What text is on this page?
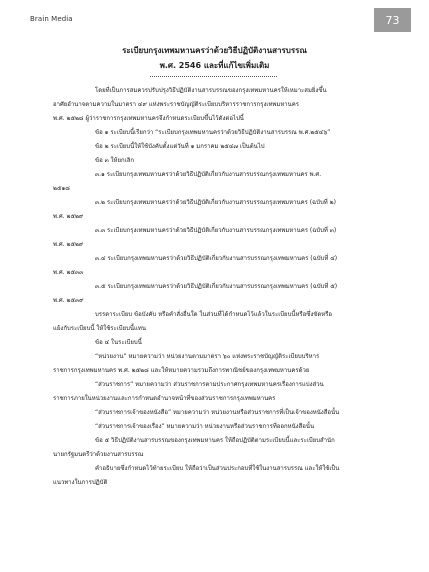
Brain Media	73
ระเบียบกรุงเทพมหานครว่าด้วยวิธีปฏิบัติงานสารบรรณ
พ.ศ. 2546 และที่แก้ไขเพิ่มเติม

โดยที่เป็นการสมควรปรับปรุงวิธีปฏิบัติงานสารบรรณของกรุงเทพมหานครให้เหมาะสมยิ่งขึ้น

อาศัยอำนาจตามความในมาตรา ๔๙ แห่งพระราชบัญญัติระเบียบบริหารราชการกรุงเทพมหานคร

พ.ศ. ๒๕๒๘ ผู้ว่าราชการกรุงเทพมหานครจึงกำหนดระเบียบขึ้นไว้ดังต่อไปนี้

ข้อ ๑ ระเบียบนี้เรียกว่า “ระเบียบกรุงเทพมหานครว่าด้วยวิธีปฏิบัติงานสารบรรณ พ.ศ.๒๕๔๖”

ข้อ ๒ ระเบียบนี้ให้ใช้บังคับตั้งแต่วันที่ ๑ มกราคม ๒๕๔๗ เป็นต้นไป

ข้อ ๓ ให้ยกเลิก

๓.๑ ระเบียบกรุงเทพมหานครว่าด้วยวิธีปฏิบัติเกี่ยวกับงานสารบรรณกรุงเทพมหานคร พ.ศ.

๒๕๑๘

๓.๒ ระเบียบกรุงเทพมหานครว่าด้วยวิธีปฏิบัติเกี่ยวกับงานสารบรรณกรุงเทพมหานคร (ฉบับที่ ๒)

พ.ศ. ๒๕๒๙

๓.๓ ระเบียบกรุงเทพมหานครว่าด้วยวิธีปฏิบัติเกี่ยวกับงานสารบรรณกรุงเทพมหานคร (ฉบับที่ ๓)

พ.ศ. ๒๕๒๙

๓.๔ ระเบียบกรุงเทพมหานครว่าด้วยวิธีปฏิบัติเกี่ยวกับงานสารบรรณกรุงเทพมหานคร (ฉบับที่ ๔)

พ.ศ. ๒๕๓๓

๓.๕ ระเบียบกรุงเทพมหานครว่าด้วยวิธีปฏิบัติเกี่ยวกับงานสารบรรณกรุงเทพมหานคร (ฉบับที่ ๕)

พ.ศ. ๒๕๓๙

บรรดาระเบียบ ข้อบังคับ หรือคำสั่งอื่นใด ในส่วนที่ได้กำหนดไว้แล้วในระเบียบนี้หรือซึ่งขัดหรือ

แย้งกับระเบียบนี้ ให้ใช้ระเบียบนี้แทน

ข้อ ๔ ในระเบียบนี้

“หน่วยงาน” หมายความว่า หน่วยงานตามมาตรา ๖๐ แห่งพระราชบัญญัติระเบียบบริหาร

ราชการกรุงเทพมหานคร พ.ศ. ๒๕๒๘ และให้หมายความรวมถึงการพาณิชย์ของกรุงเทพมหานครด้วย

“ส่วนราชการ” หมายความว่า ส่วนราชการตามประกาศกรุงเทพมหานครเรื่องการแบ่งส่วน

ราชการภายในหน่วยงานและการกำหนดอำนาจหน้าที่ของส่วนราชการกรุงเทพมหานคร

“ส่วนราชการเจ้าของหนังสือ” หมายความว่า หน่วยงานหรือส่วนราชการที่เป็นเจ้าของหนังสือนั้น

“ส่วนราชการเจ้าของเรื่อง” หมายความว่า หน่วยงานหรือส่วนราชการที่ออกหนังสือนั้น

ข้อ ๕ วิธีปฏิบัติงานสารบรรณของกรุงเทพมหานคร ให้ถือปฏิบัติตามระเบียบนี้และระเบียบสำนัก

นายกรัฐมนตรีว่าด้วยงานสารบรรณ

คำอธิบายซึ่งกำหนดไว้ท้ายระเบียบ ให้ถือว่าเป็นส่วนประกอบที่ใช้ในงานสารบรรณ และให้ใช้เป็น

แนวทางในการปฏิบัติ
